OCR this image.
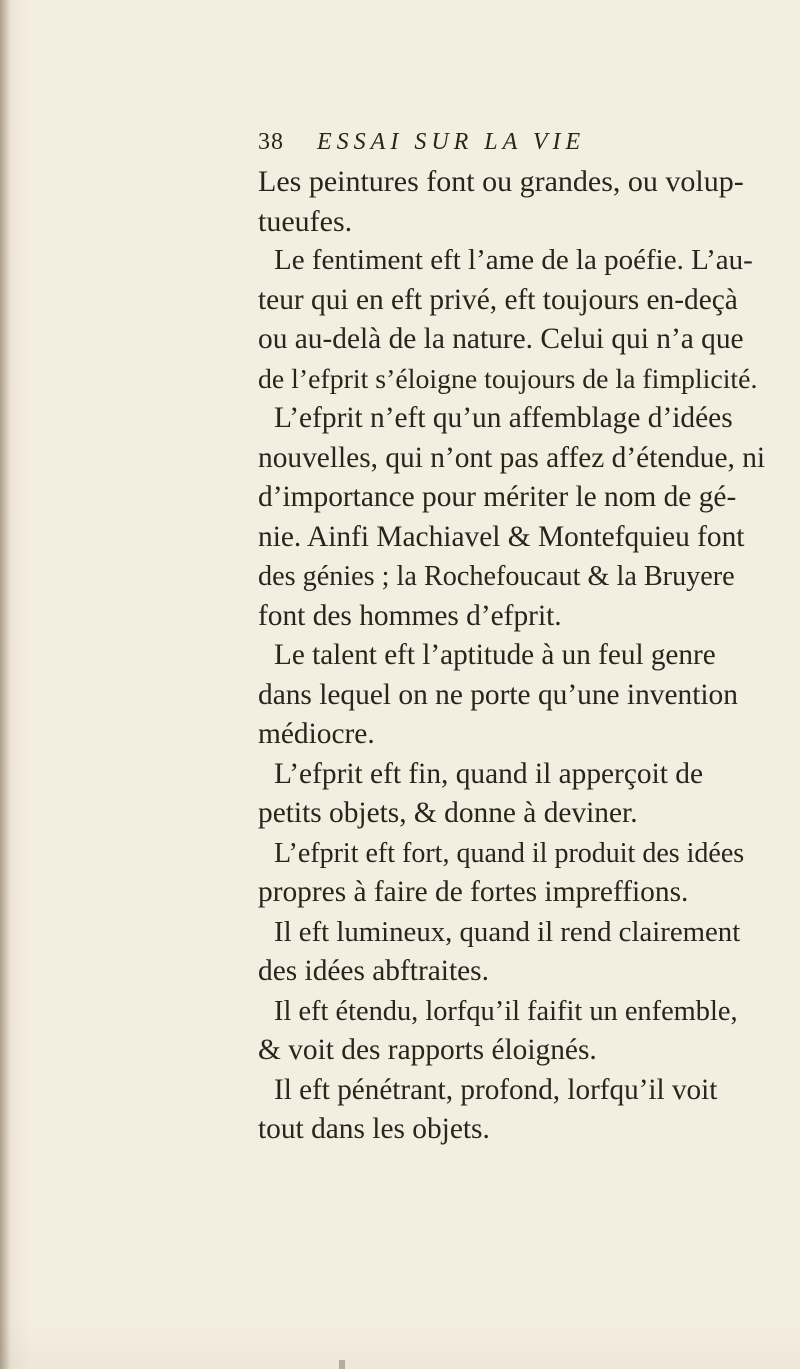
38 ESSAI SUR LA VIE
Les peintures font ou grandes, ou volup-
tueufes.
Le fentiment eft l’ame de la poéfie. L’au-
teur qui en eft privé, eft toujours en-deçà
ou au-delà de la nature. Celui qui n’a que
de l’efprit s’éloigne toujours de la fimplicité.
L’efprit n’eft qu’un affemblage d’idées
nouvelles, qui n’ont pas affez d’étendue, ni
d’importance pour mériter le nom de gé-
nie. Ainfi Machiavel & Montefquieu font
des génies ; la Rochefoucaut & la Bruyere
font des hommes d’efprit.
Le talent eft l’aptitude à un feul genre
dans lequel on ne porte qu’une invention
médiocre.
L’efprit eft fin, quand il apperçoit de
petits objets, & donne à deviner.
L’efprit eft fort, quand il produit des idées
propres à faire de fortes impreffions.
Il eft lumineux, quand il rend clairement
des idées abftraites.
Il eft étendu, lorfqu’il faifit un enfemble,
& voit des rapports éloignés.
Il eft pénétrant, profond, lorfqu’il voit
tout dans les objets.
